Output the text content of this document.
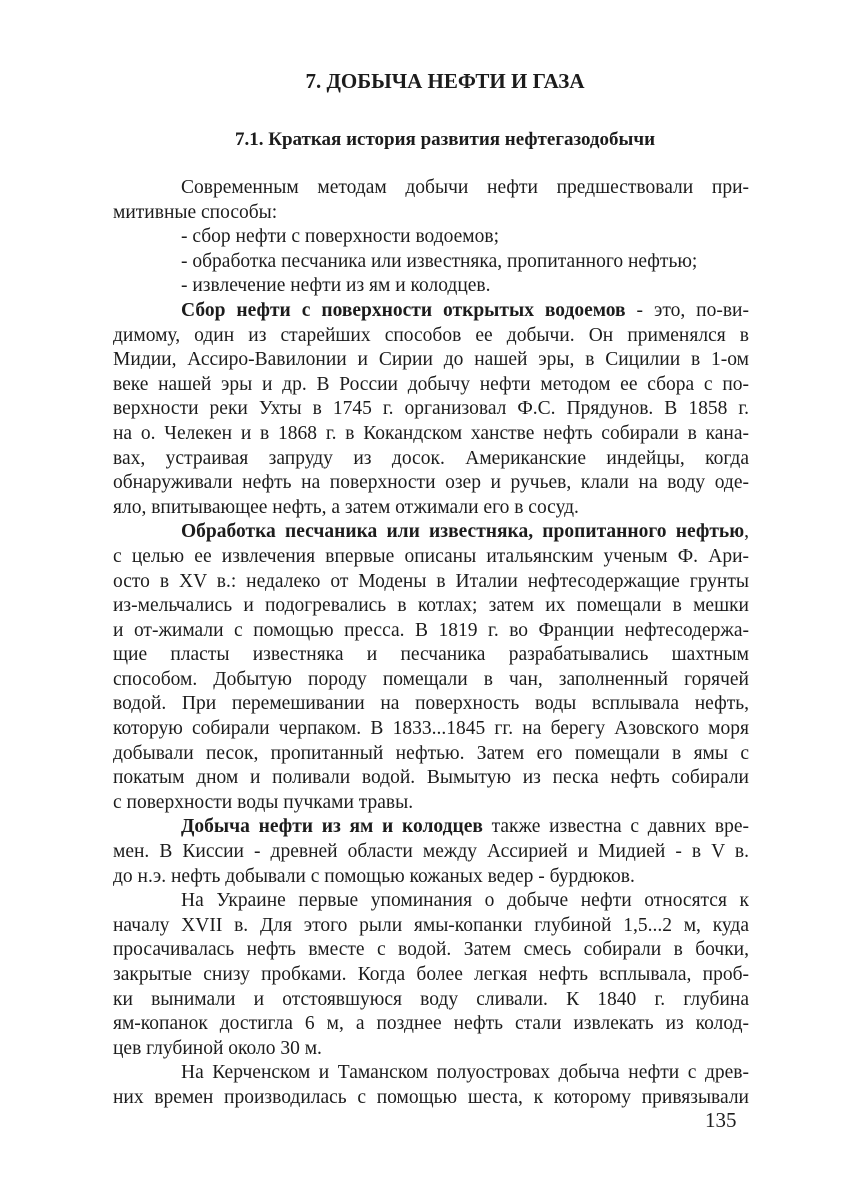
7. ДОБЫЧА НЕФТИ И ГАЗА
7.1. Краткая история развития нефтегазодобычи
Современным методам добычи нефти предшествовали при-
митивные способы:
- сбор нефти с поверхности водоемов;
- обработка песчаника или известняка, пропитанного нефтью;
- извлечение нефти из ям и колодцев.
Сбор нефти с поверхности открытых водоемов - это, по-ви-
димому, один из старейших способов ее добычи. Он применялся в
Мидии, Ассиро-Вавилонии и Сирии до нашей эры, в Сицилии в 1-ом
веке нашей эры и др. В России добычу нефти методом ее сбора с по-
верхности реки Ухты в 1745 г. организовал Ф.С. Прядунов. В 1858 г.
на о. Челекен и в 1868 г. в Кокандском ханстве нефть собирали в кана-
вах, устраивая запруду из досок. Американские индейцы, когда
обнаруживали нефть на поверхности озер и ручьев, клали на воду оде-
яло, впитывающее нефть, а затем отжимали его в сосуд.
Обработка песчаника или известняка, пропитанного нефтью,
с целью ее извлечения впервые описаны итальянским ученым Ф. Ари-
осто в XV в.: недалеко от Модены в Италии нефтесодержащие грунты
из-мельчались и подогревались в котлах; затем их помещали в мешки
и от-жимали с помощью пресса. В 1819 г. во Франции нефтесодержа-
щие пласты известняка и песчаника разрабатывались шахтным
способом. Добытую породу помещали в чан, заполненный горячей
водой. При перемешивании на поверхность воды всплывала нефть,
которую собирали черпаком. В 1833...1845 гг. на берегу Азовского моря
добывали песок, пропитанный нефтью. Затем его помещали в ямы с
покатым дном и поливали водой. Вымытую из песка нефть собирали
с поверхности воды пучками травы.
Добыча нефти из ям и колодцев также известна с давних вре-
мен. В Киссии - древней области между Ассирией и Мидией - в V в.
до н.э. нефть добывали с помощью кожаных ведер - бурдюков.
На Украине первые упоминания о добыче нефти относятся к
началу XVII в. Для этого рыли ямы-копанки глубиной 1,5...2 м, куда
просачивалась нефть вместе с водой. Затем смесь собирали в бочки,
закрытые снизу пробками. Когда более легкая нефть всплывала, проб-
ки вынимали и отстоявшуюся воду сливали. К 1840 г. глубина
ям-копанок достигла 6 м, а позднее нефть стали извлекать из колод-
цев глубиной около 30 м.
На Керченском и Таманском полуостровах добыча нефти с древ-
них времен производилась с помощью шеста, к которому привязывали
135
